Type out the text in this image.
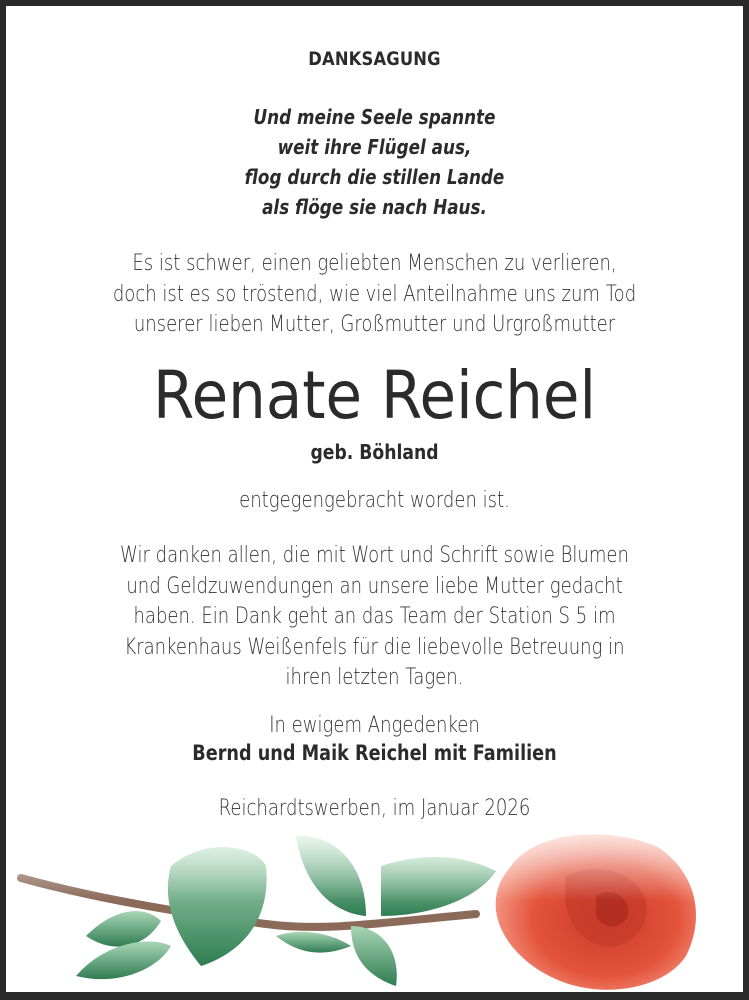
DANKSAGUNG
Und meine Seele spannte
weit ihre Flügel aus,
flog durch die stillen Lande
als flöge sie nach Haus.
Es ist schwer, einen geliebten Menschen zu verlieren,
doch ist es so tröstend, wie viel Anteilnahme uns zum Tod
unserer lieben Mutter, Großmutter und Urgroßmutter
Renate Reichel
geb. Böhland
entgegengebracht worden ist.
Wir danken allen, die mit Wort und Schrift sowie Blumen
und Geldzuwendungen an unsere liebe Mutter gedacht
haben. Ein Dank geht an das Team der Station S 5 im
Krankenhaus Weißenfels für die liebevolle Betreuung in
ihren letzten Tagen.
In ewigem Angedenken
Bernd und Maik Reichel mit Familien
Reichardtswerben, im Januar 2026
